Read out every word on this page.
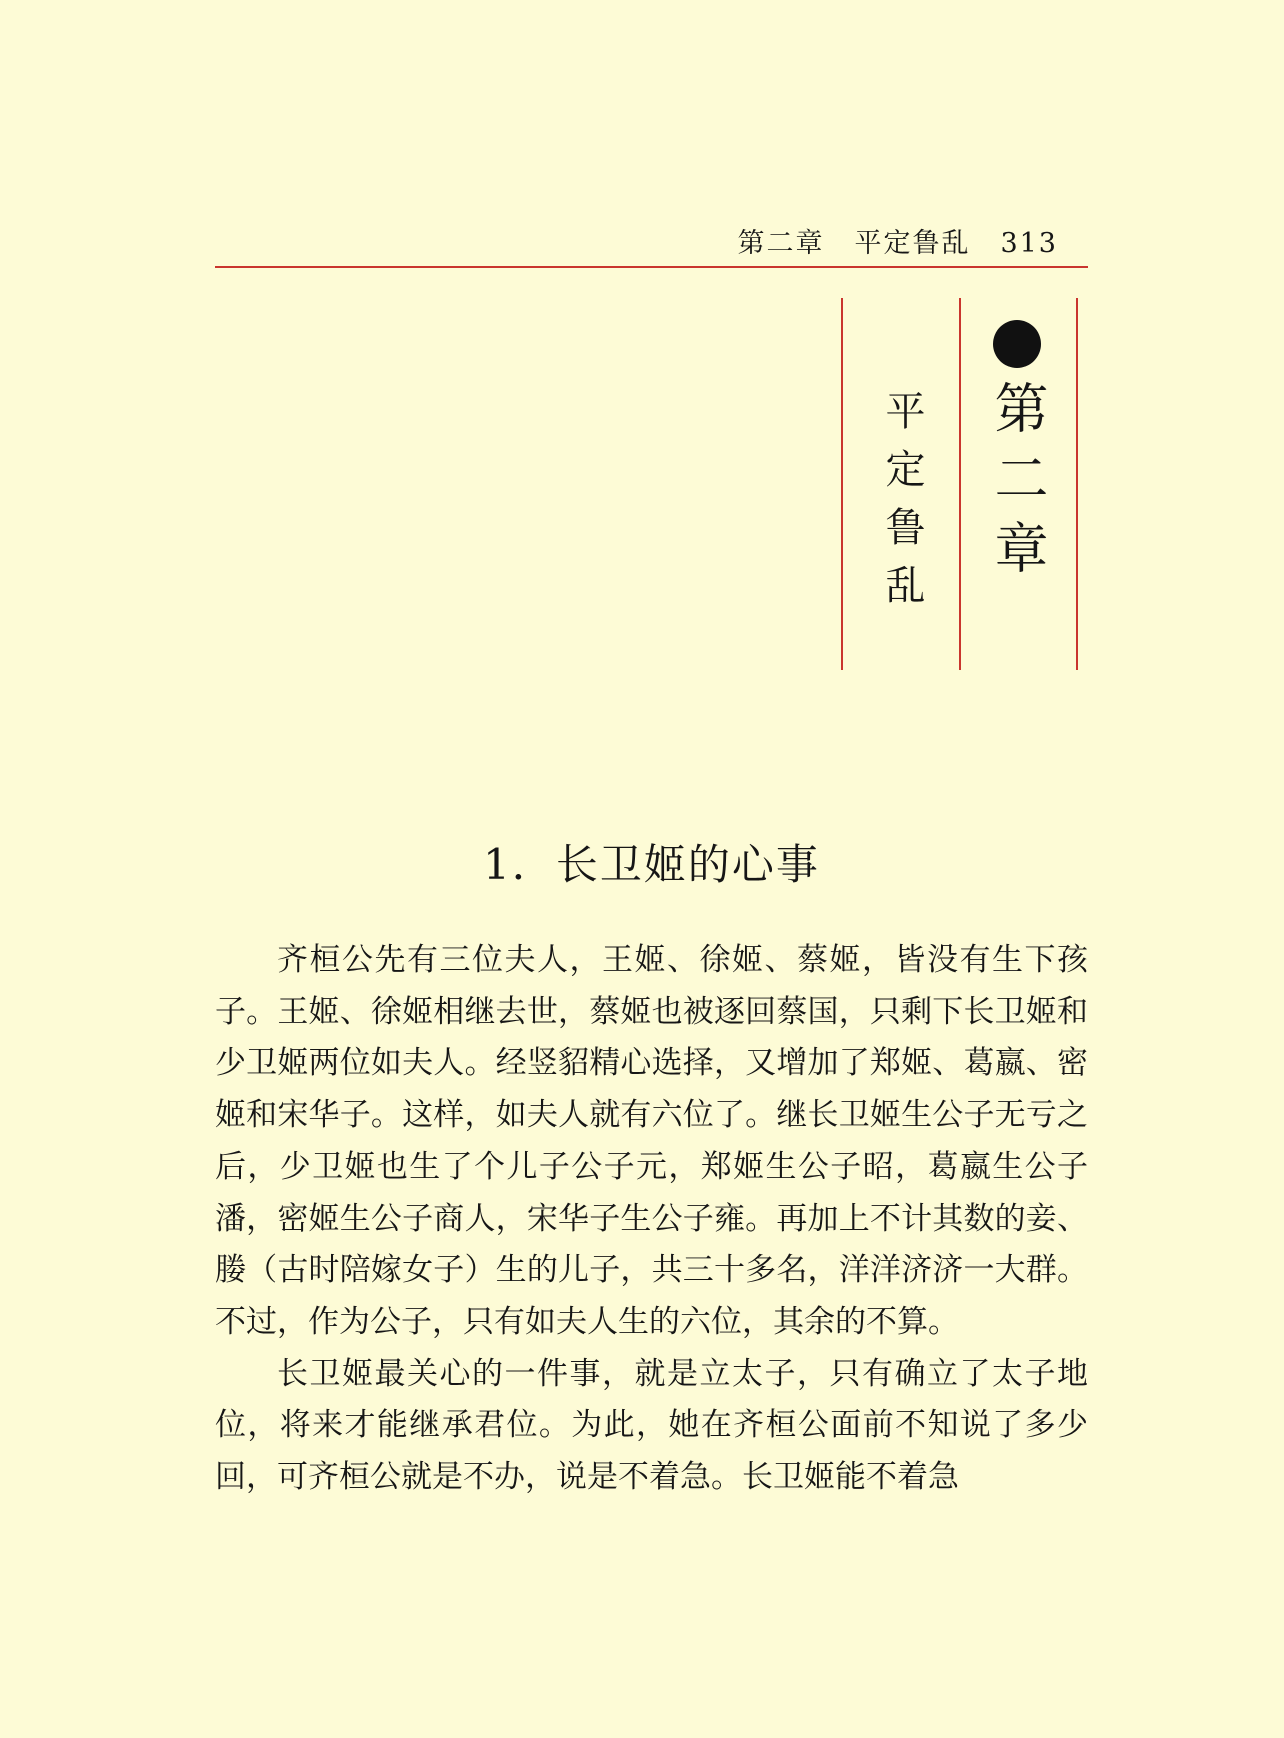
第二章 平定鲁乱 313
第二章
平定鲁乱
1．长卫姬的心事

齐桓公先有三位夫人，王姬、徐姬、蔡姬，皆没有生下孩子。王姬、徐姬相继去世，蔡姬也被逐回蔡国，只剩下长卫姬和少卫姬两位如夫人。经竖貂精心选择，又增加了郑姬、葛嬴、密姬和宋华子。这样，如夫人就有六位了。继长卫姬生公子无亏之后，少卫姬也生了个儿子公子元，郑姬生公子昭，葛嬴生公子潘，密姬生公子商人，宋华子生公子雍。再加上不计其数的妾、媵（古时陪嫁女子）生的儿子，共三十多名，洋洋济济一大群。不过，作为公子，只有如夫人生的六位，其余的不算。

长卫姬最关心的一件事，就是立太子，只有确立了太子地位，将来才能继承君位。为此，她在齐桓公面前不知说了多少回，可齐桓公就是不办，说是不着急。长卫姬能不着急
